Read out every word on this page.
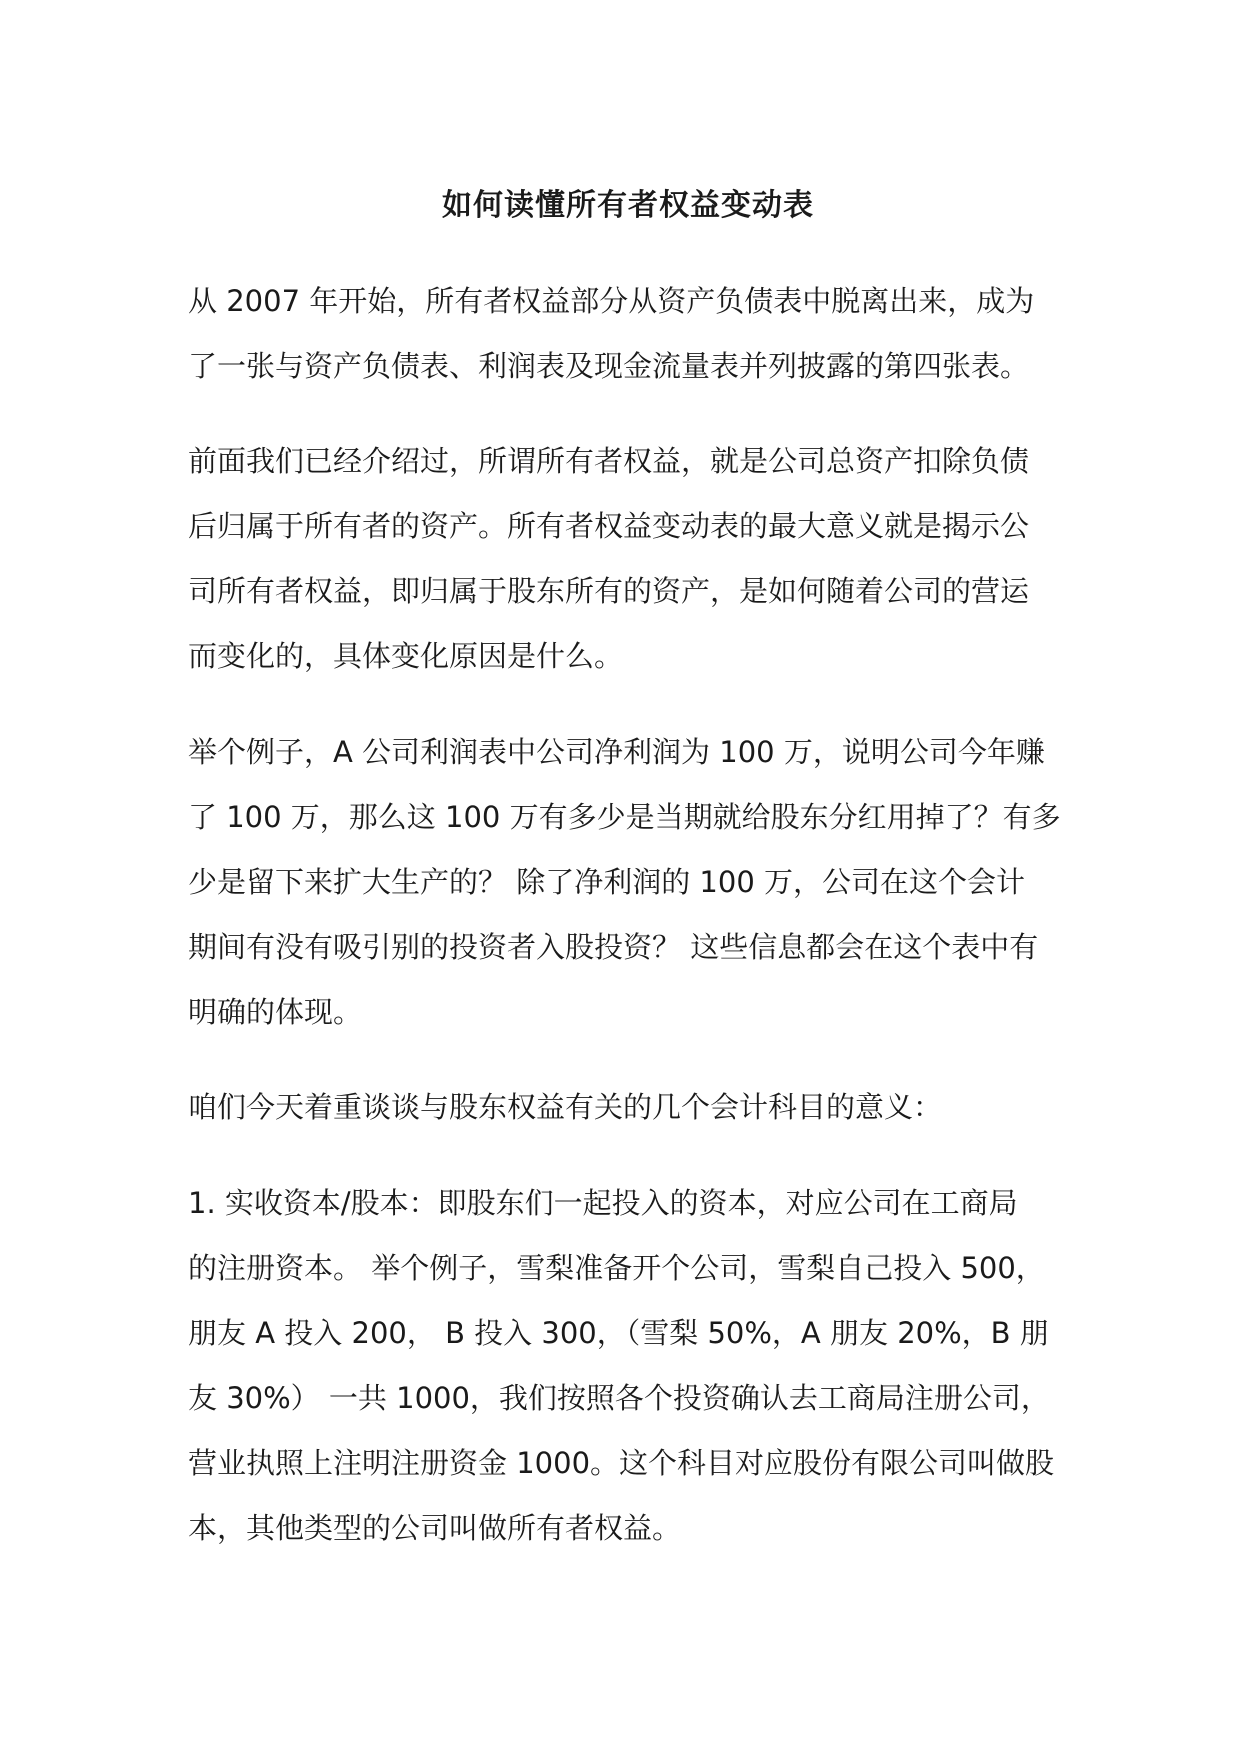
如何读懂所有者权益变动表
从 2007 年开始，所有者权益部分从资产负债表中脱离出来，成为
了一张与资产负债表、利润表及现金流量表并列披露的第四张表。
前面我们已经介绍过，所谓所有者权益，就是公司总资产扣除负债
后归属于所有者的资产。所有者权益变动表的最大意义就是揭示公
司所有者权益，即归属于股东所有的资产，是如何随着公司的营运
而变化的，具体变化原因是什么。
举个例子，A 公司利润表中公司净利润为 100 万，说明公司今年赚
了 100 万，那么这 100 万有多少是当期就给股东分红用掉了？有多
少是留下来扩大生产的？ 除了净利润的 100 万，公司在这个会计
期间有没有吸引别的投资者入股投资？ 这些信息都会在这个表中有
明确的体现。
咱们今天着重谈谈与股东权益有关的几个会计科目的意义：
1. 实收资本/股本：即股东们一起投入的资本，对应公司在工商局
的注册资本。 举个例子，雪梨准备开个公司，雪梨自己投入 500，
朋友 A 投入 200， B 投入 300，（雪梨 50%，A 朋友 20%，B 朋
友 30%） 一共 1000，我们按照各个投资确认去工商局注册公司，
营业执照上注明注册资金 1000。这个科目对应股份有限公司叫做股
本，其他类型的公司叫做所有者权益。
